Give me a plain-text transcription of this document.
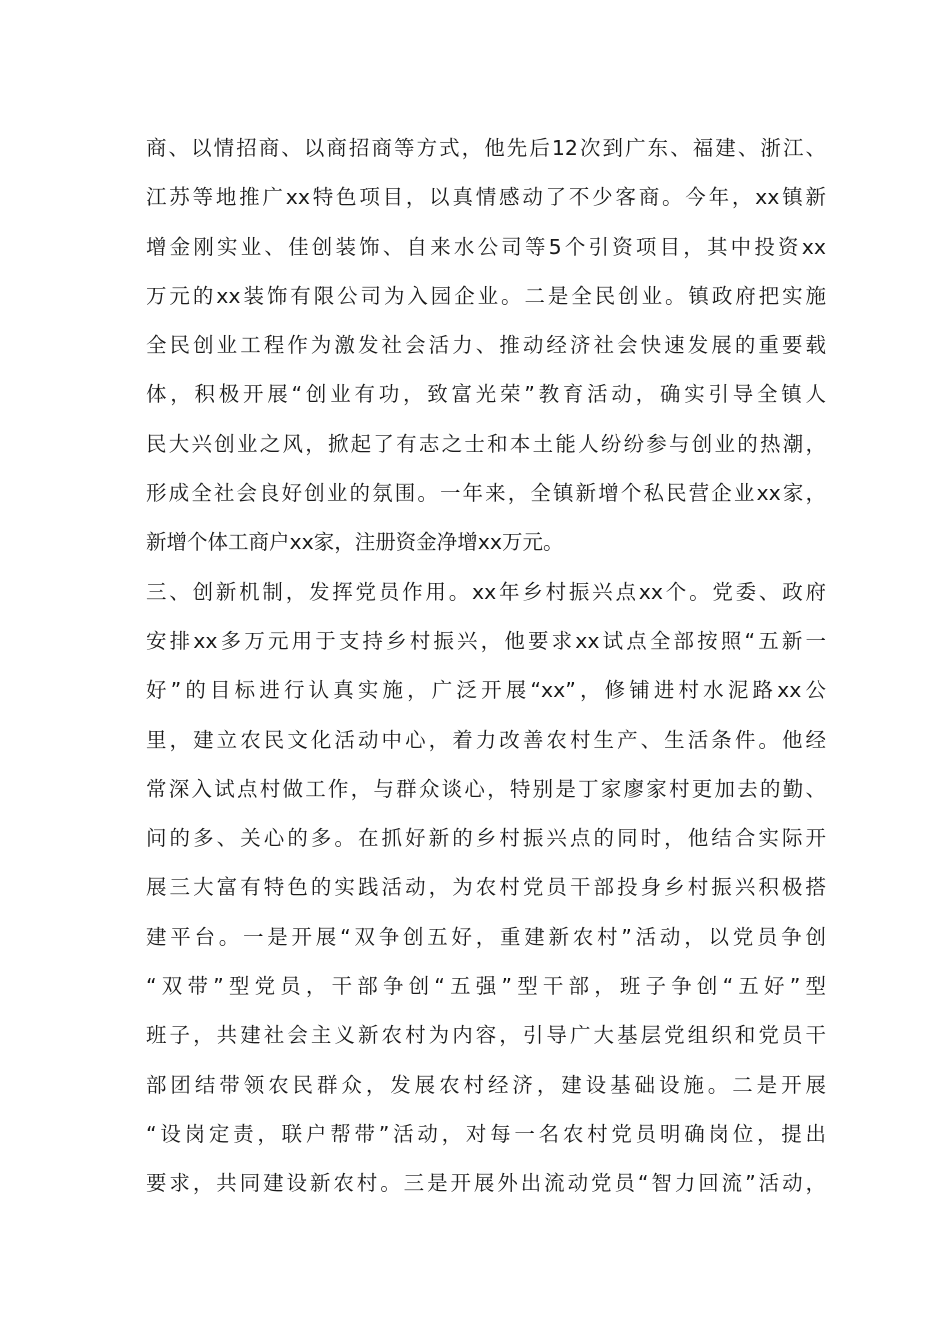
商、以情招商、以商招商等方式，他先后12次到广东、福建、浙江、
江苏等地推广xx特色项目，以真情感动了不少客商。今年，xx镇新
增金刚实业、佳创装饰、自来水公司等5个引资项目，其中投资xx
万元的xx装饰有限公司为入园企业。二是全民创业。镇政府把实施
全民创业工程作为激发社会活力、推动经济社会快速发展的重要载
体，积极开展“创业有功，致富光荣”教育活动，确实引导全镇人
民大兴创业之风，掀起了有志之士和本土能人纷纷参与创业的热潮，
形成全社会良好创业的氛围。一年来，全镇新增个私民营企业xx家，
新增个体工商户xx家，注册资金净增xx万元。
三、创新机制，发挥党员作用。xx年乡村振兴点xx个。党委、政府
安排xx多万元用于支持乡村振兴，他要求xx试点全部按照“五新一
好”的目标进行认真实施，广泛开展“xx”，修铺进村水泥路xx公
里，建立农民文化活动中心，着力改善农村生产、生活条件。他经
常深入试点村做工作，与群众谈心，特别是丁家廖家村更加去的勤、
问的多、关心的多。在抓好新的乡村振兴点的同时，他结合实际开
展三大富有特色的实践活动，为农村党员干部投身乡村振兴积极搭
建平台。一是开展“双争创五好，重建新农村”活动，以党员争创
“双带”型党员，干部争创“五强”型干部，班子争创“五好”型
班子，共建社会主义新农村为内容，引导广大基层党组织和党员干
部团结带领农民群众，发展农村经济，建设基础设施。二是开展
“设岗定责，联户帮带”活动，对每一名农村党员明确岗位，提出
要求，共同建设新农村。三是开展外出流动党员“智力回流”活动，
